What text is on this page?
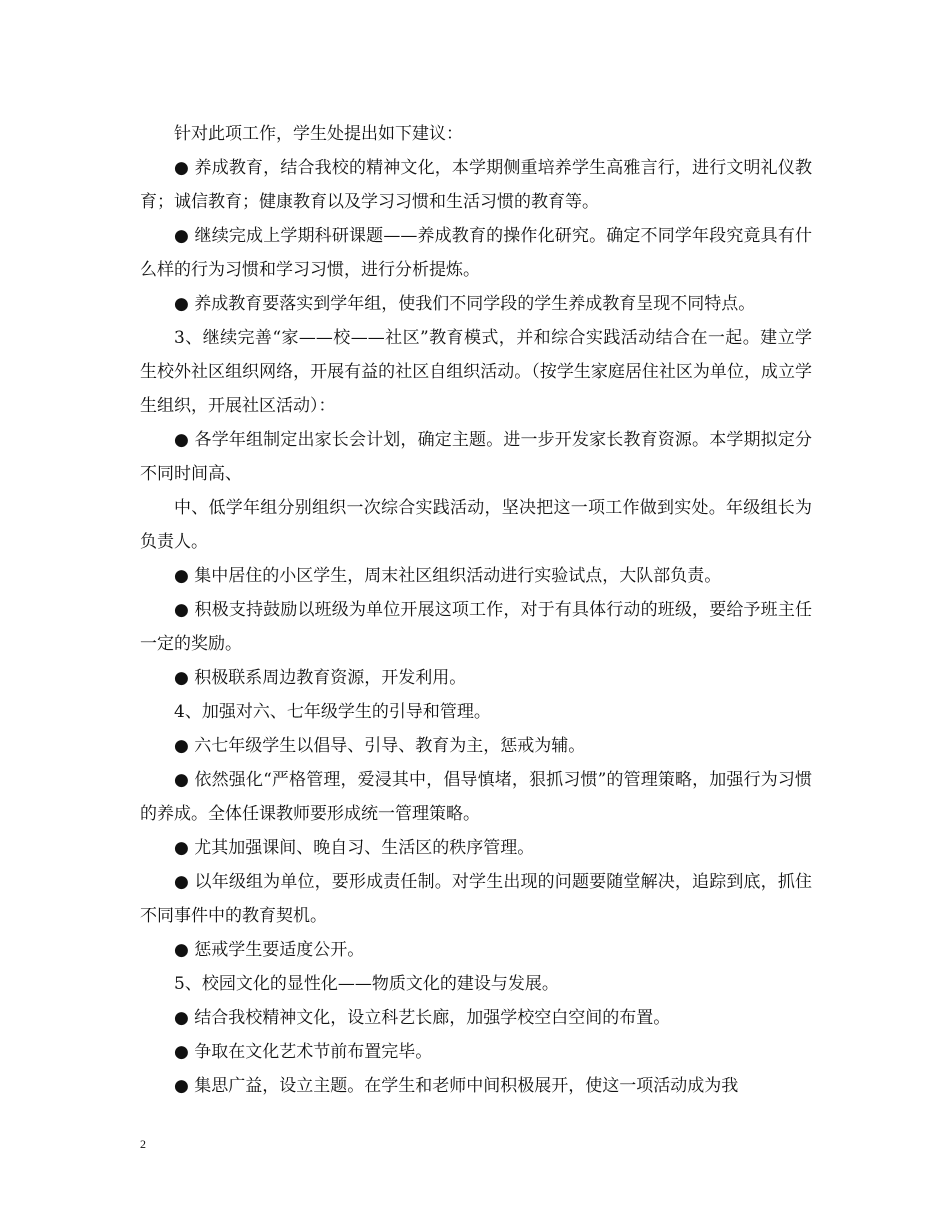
针对此项工作，学生处提出如下建议：

● 养成教育，结合我校的精神文化，本学期侧重培养学生高雅言行，进行文明礼仪教育；诚信教育；健康教育以及学习习惯和生活习惯的教育等。

● 继续完成上学期科研课题——养成教育的操作化研究。确定不同学年段究竟具有什么样的行为习惯和学习习惯，进行分析提炼。

● 养成教育要落实到学年组，使我们不同学段的学生养成教育呈现不同特点。

3、继续完善“家——校——社区”教育模式，并和综合实践活动结合在一起。建立学生校外社区组织网络，开展有益的社区自组织活动。（按学生家庭居住社区为单位，成立学生组织，开展社区活动）：

● 各学年组制定出家长会计划，确定主题。进一步开发家长教育资源。本学期拟定分不同时间高、

中、低学年组分别组织一次综合实践活动，坚决把这一项工作做到实处。年级组长为负责人。

● 集中居住的小区学生，周末社区组织活动进行实验试点，大队部负责。

● 积极支持鼓励以班级为单位开展这项工作，对于有具体行动的班级，要给予班主任一定的奖励。

● 积极联系周边教育资源，开发利用。

4、加强对六、七年级学生的引导和管理。

● 六七年级学生以倡导、引导、教育为主，惩戒为辅。

● 依然强化“严格管理，爱浸其中，倡导慎堵，狠抓习惯”的管理策略，加强行为习惯的养成。全体任课教师要形成统一管理策略。

● 尤其加强课间、晚自习、生活区的秩序管理。

● 以年级组为单位，要形成责任制。对学生出现的问题要随堂解决，追踪到底，抓住不同事件中的教育契机。

● 惩戒学生要适度公开。

5、校园文化的显性化——物质文化的建设与发展。

● 结合我校精神文化，设立科艺长廊，加强学校空白空间的布置。

● 争取在文化艺术节前布置完毕。

● 集思广益，设立主题。在学生和老师中间积极展开，使这一项活动成为我

2
